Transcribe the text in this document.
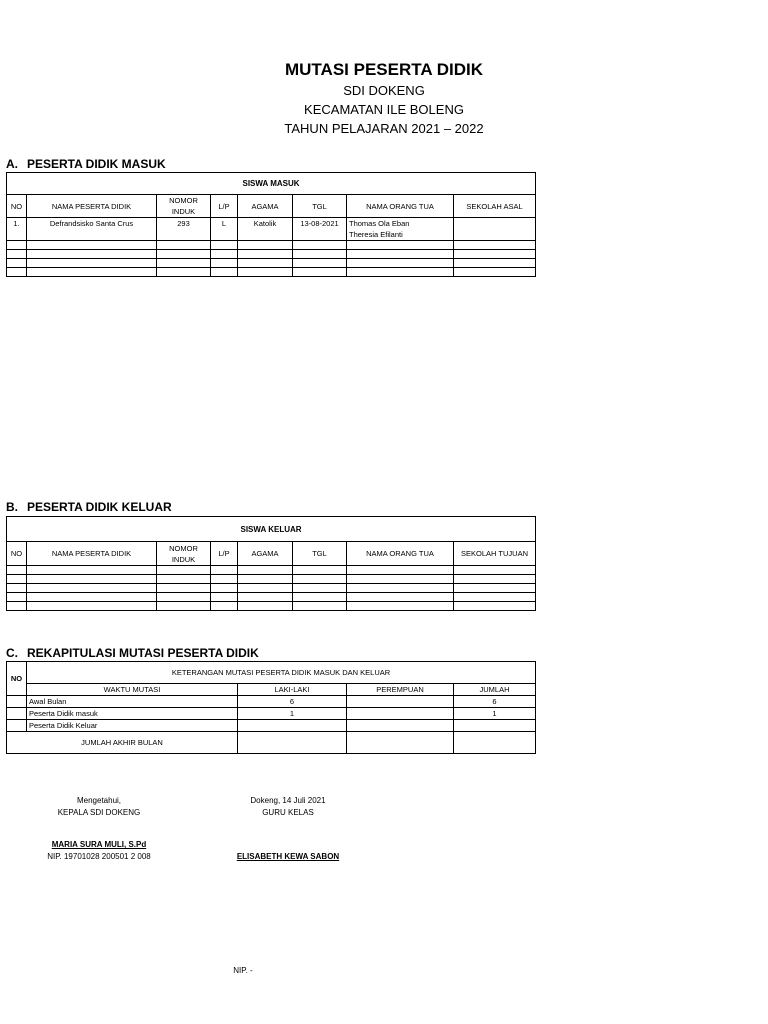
MUTASI PESERTA DIDIK
SDI DOKENG
KECAMATAN ILE BOLENG
TAHUN PELAJARAN 2021 – 2022
A. PESERTA DIDIK MASUK
SISWA MASUK							
NO	NAMA PESERTA DIDIK	NOMOR INDUK	L/P	AGAMA	TGL	NAMA ORANG TUA	SEKOLAH ASAL
1.	Defrandsisko Santa Crus	293	L	Katolik	13-08-2021	Thomas Ola Eban
Theresia Efilanti	

B. PESERTA DIDIK KELUAR
SISWA KELUAR							
NO	NAMA PESERTA DIDIK	NOMOR INDUK	L/P	AGAMA	TGL	NAMA ORANG TUA	SEKOLAH TUJUAN

C. REKAPITULASI MUTASI PESERTA DIDIK
NO	KETERANGAN MUTASI PESERTA DIDIK MASUK DAN KELUAR			
	WAKTU MUTASI	LAKI-LAKI	PEREMPUAN	JUMLAH
	Awal Bulan	6		6
	Peserta Didik masuk	1		1
	Peserta Didik Keluar			
JUMLAH AKHIR BULAN				
Mengetahui,
KEPALA SDI DOKENG
MARIA SURA MULI, S.Pd
NIP. 19701028 200501 2 008
Dokeng, 14 Juli 2021
GURU KELAS
ELISABETH KEWA SABON
NIP. -
